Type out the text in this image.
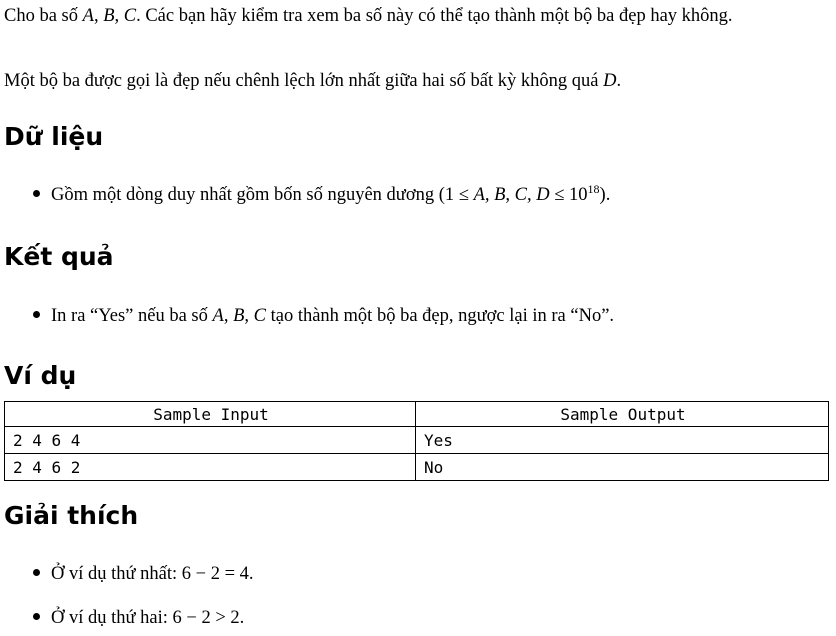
Cho ba số A, B, C. Các bạn hãy kiểm tra xem ba số này có thể tạo thành một bộ ba đẹp hay không.

Một bộ ba được gọi là đẹp nếu chênh lệch lớn nhất giữa hai số bất kỳ không quá D.

Dữ liệu
Gồm một dòng duy nhất gồm bốn số nguyên dương (1 ≤ A, B, C, $D \le 10^{18}$).
Kết quả
In ra “Yes” nếu ba số A, B, C tạo thành một bộ ba đẹp, ngược lại in ra “No”.
Ví dụ
Sample Input	Sample Output
2 4 6 4	Yes
2 4 6 2	No
Giải thích
Ở ví dụ thứ nhất: 6 − 2 = 4.
Ở ví dụ thứ hai: 6 − 2 > 2.
